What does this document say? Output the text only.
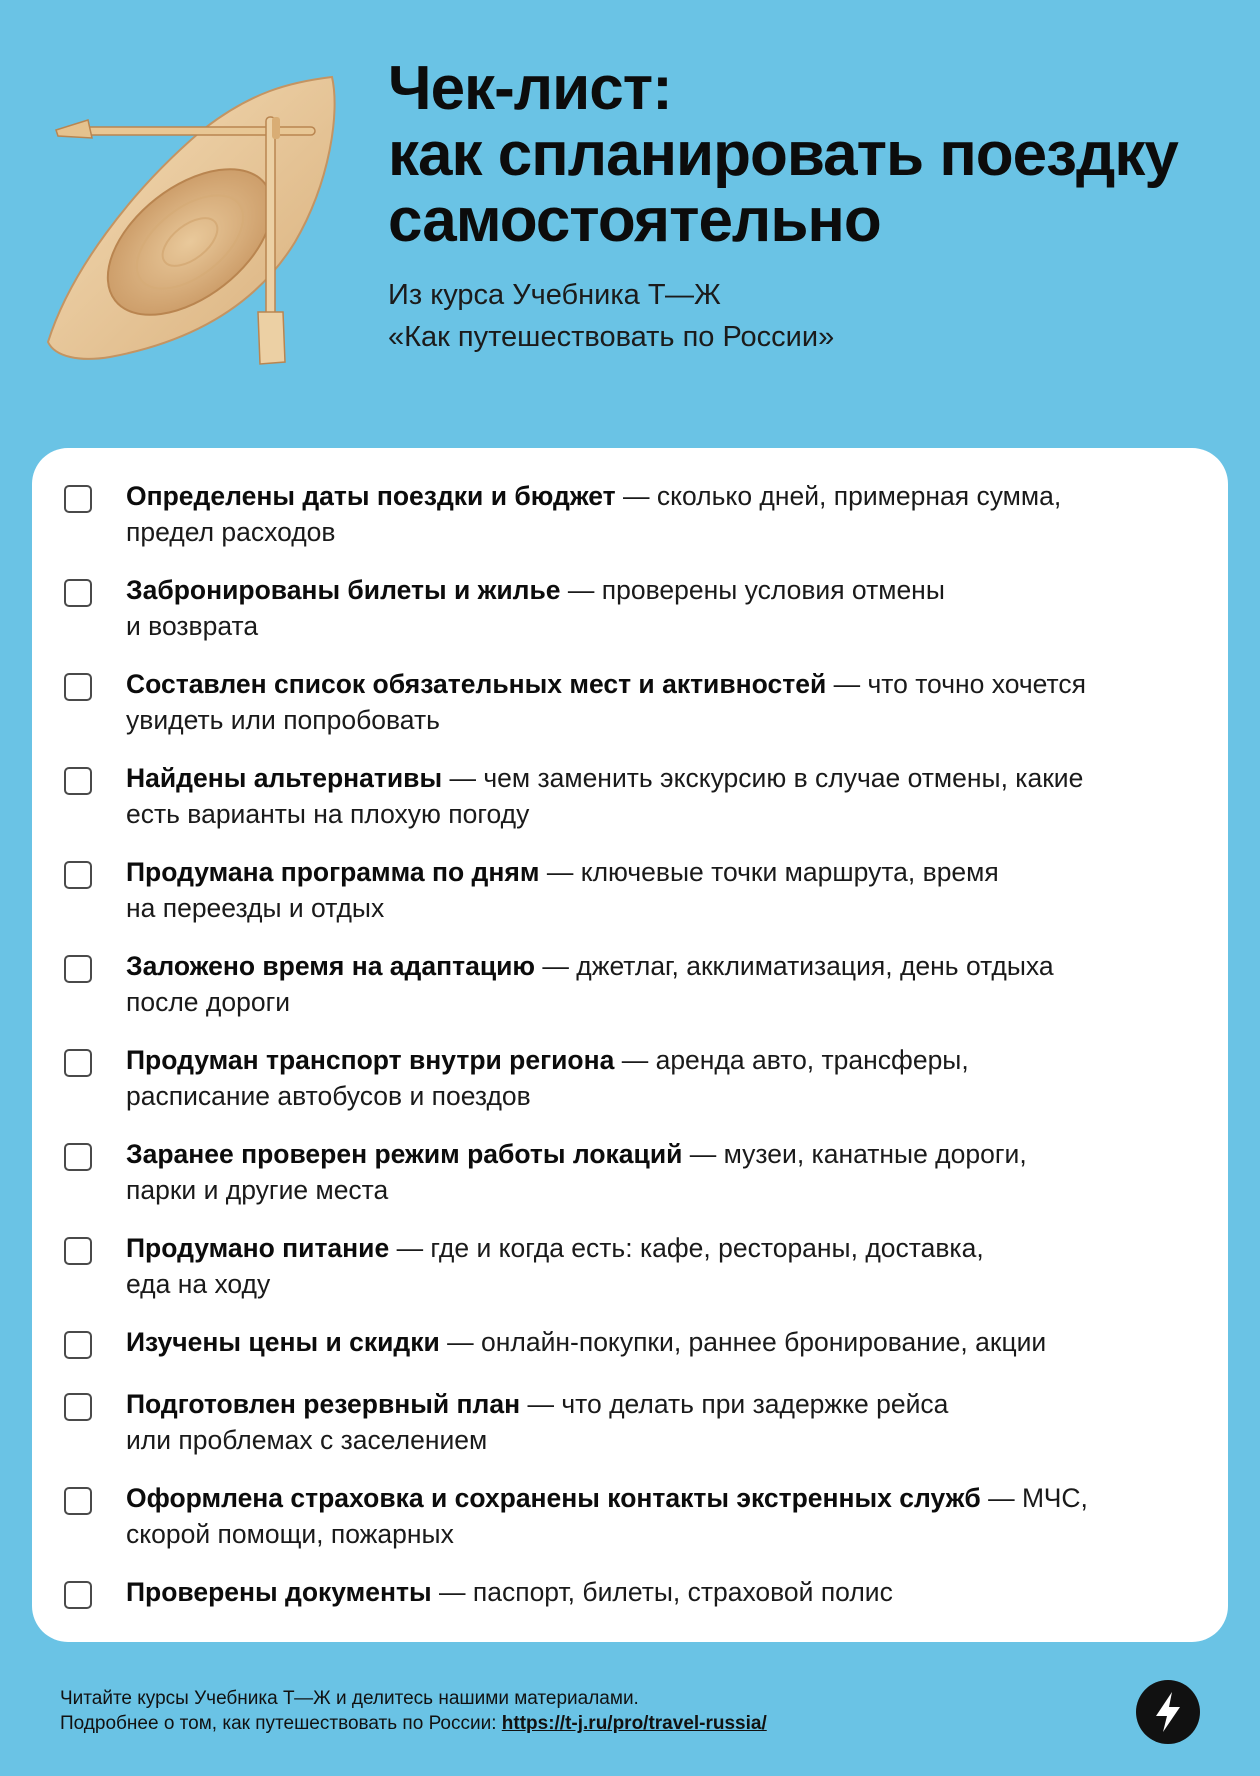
Чек-лист:
как спланировать поездку
самостоятельно
Из курса Учебника Т—Ж
«Как путешествовать по России»
Определены даты поездки и бюджет — сколько дней, примерная сумма,
предел расходов
Забронированы билеты и жилье — проверены условия отмены
и возврата
Составлен список обязательных мест и активностей — что точно хочется
увидеть или попробовать
Найдены альтернативы — чем заменить экскурсию в случае отмены, какие
есть варианты на плохую погоду
Продумана программа по дням — ключевые точки маршрута, время
на переезды и отдых
Заложено время на адаптацию — джетлаг, акклиматизация, день отдыха
после дороги
Продуман транспорт внутри региона — аренда авто, трансферы,
расписание автобусов и поездов
Заранее проверен режим работы локаций — музеи, канатные дороги,
парки и другие места
Продумано питание — где и когда есть: кафе, рестораны, доставка,
еда на ходу
Изучены цены и скидки — онлайн-покупки, раннее бронирование, акции
Подготовлен резервный план — что делать при задержке рейса
или проблемах с заселением
Оформлена страховка и сохранены контакты экстренных служб — МЧС,
скорой помощи, пожарных
Проверены документы — паспорт, билеты, страховой полис
Читайте курсы Учебника Т—Ж и делитесь нашими материалами.
Подробнее о том, как путешествовать по России: https://t-j.ru/pro/travel-russia/
